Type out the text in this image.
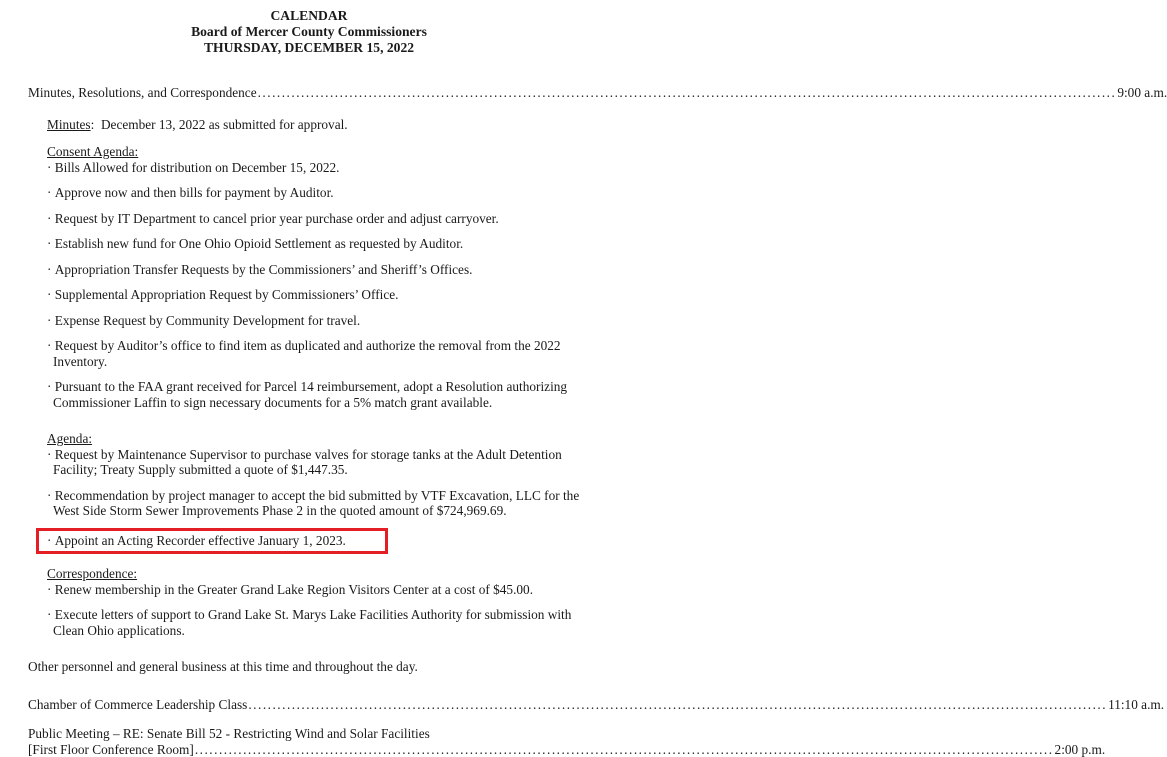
CALENDAR
Board of Mercer County Commissioners
THURSDAY, DECEMBER 15, 2022
Minutes, Resolutions, and Correspondence .....	9:00 a.m.
Minutes: December 13, 2022 as submitted for approval.
Consent Agenda:
· Bills Allowed for distribution on December 15, 2022.
· Approve now and then bills for payment by Auditor.
· Request by IT Department to cancel prior year purchase order and adjust carryover.
· Establish new fund for One Ohio Opioid Settlement as requested by Auditor.
· Appropriation Transfer Requests by the Commissioners’ and Sheriff’s Offices.
· Supplemental Appropriation Request by Commissioners’ Office.
· Expense Request by Community Development for travel.
· Request by Auditor’s office to find item as duplicated and authorize the removal from the 2022 Inventory.
· Pursuant to the FAA grant received for Parcel 14 reimbursement, adopt a Resolution authorizing Commissioner Laffin to sign necessary documents for a 5% match grant available.
Agenda:
· Request by Maintenance Supervisor to purchase valves for storage tanks at the Adult Detention Facility; Treaty Supply submitted a quote of $1,447.35.
· Recommendation by project manager to accept the bid submitted by VTF Excavation, LLC for the West Side Storm Sewer Improvements Phase 2 in the quoted amount of $724,969.69.
· Appoint an Acting Recorder effective January 1, 2023.
Correspondence:
· Renew membership in the Greater Grand Lake Region Visitors Center at a cost of $45.00.
· Execute letters of support to Grand Lake St. Marys Lake Facilities Authority for submission with Clean Ohio applications.

Other personnel and general business at this time and throughout the day.

Chamber of Commerce Leadership Class .....	11:10 a.m.
Public Meeting – RE: Senate Bill 52 - Restricting Wind and Solar Facilities
[First Floor Conference Room] .....	2:00 p.m.
